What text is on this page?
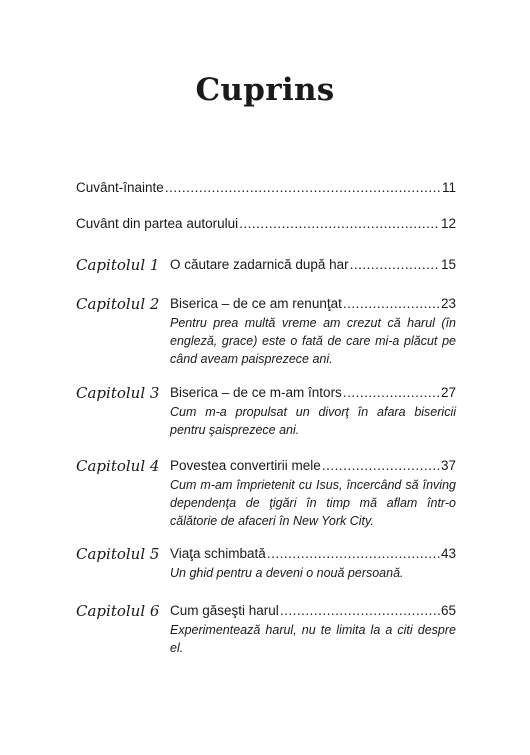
Cuprins
Cuvânt-înainte .....	11
Cuvânt din partea autorului .....	12
Capitolul 1 O căutare zadarnică după har .....	15
Capitolul 2 Biserica – de ce am renunţat .....	23
Pentru prea multă vreme am crezut că harul (în engleză, grace) este o fată de care mi-a plăcut pe când aveam paisprezece ani.
Capitolul 3 Biserica – de ce m-am întors .....	27
Cum m-a propulsat un divorţ în afara bisericii pentru şaisprezece ani.
Capitolul 4 Povestea convertirii mele .....	37
Cum m-am împrietenit cu Isus, încercând să înving dependenţa de ţigări în timp mă aflam într-o călătorie de afaceri în New York City.
Capitolul 5 Viaţa schimbată .....	43
Un ghid pentru a deveni o nouă persoană.
Capitolul 6 Cum găseşti harul .....	65
Experimentează harul, nu te limita la a citi despre el.
